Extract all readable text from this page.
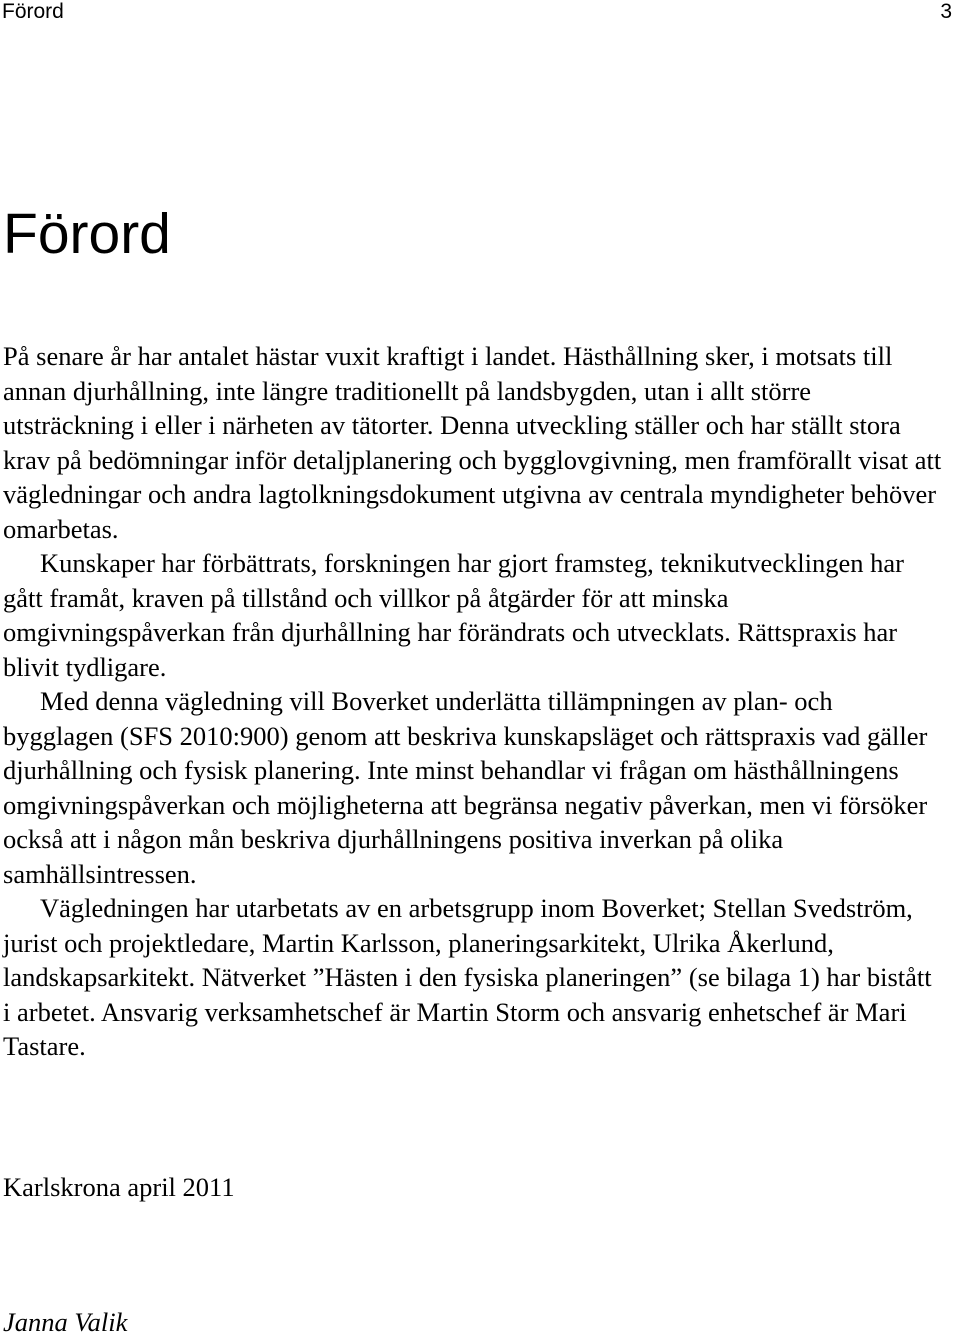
Förord	3
Förord

På senare år har antalet hästar vuxit kraftigt i landet. Hästhållning sker, i motsats till annan djurhållning, inte längre traditionellt på landsbygden, utan i allt större utsträckning i eller i närheten av tätorter. Denna utveckling ställer och har ställt stora krav på bedömningar inför detaljplanering och bygglovgivning, men framförallt visat att vägledningar och andra lagtolkningsdokument utgivna av centrala myndigheter behöver omarbetas.

Kunskaper har förbättrats, forskningen har gjort framsteg, teknikutvecklingen har gått framåt, kraven på tillstånd och villkor på åtgärder för att minska omgivningspåverkan från djurhållning har förändrats och utvecklats. Rättspraxis har blivit tydligare.

Med denna vägledning vill Boverket underlätta tillämpningen av plan- och bygglagen (SFS 2010:900) genom att beskriva kunskapsläget och rättspraxis vad gäller djurhållning och fysisk planering. Inte minst behandlar vi frågan om hästhållningens omgivningspåverkan och möjligheterna att begränsa negativ påverkan, men vi försöker också att i någon mån beskriva djurhållningens positiva inverkan på olika samhällsintressen.

Vägledningen har utarbetats av en arbetsgrupp inom Boverket; Stellan Svedström, jurist och projektledare, Martin Karlsson, planeringsarkitekt, Ulrika Åkerlund, landskapsarkitekt. Nätverket ”Hästen i den fysiska planeringen” (se bilaga 1) har bistått i arbetet. Ansvarig verksamhetschef är Martin Storm och ansvarig enhetschef är Mari Tastare.

Karlskrona april 2011
Janna Valik
